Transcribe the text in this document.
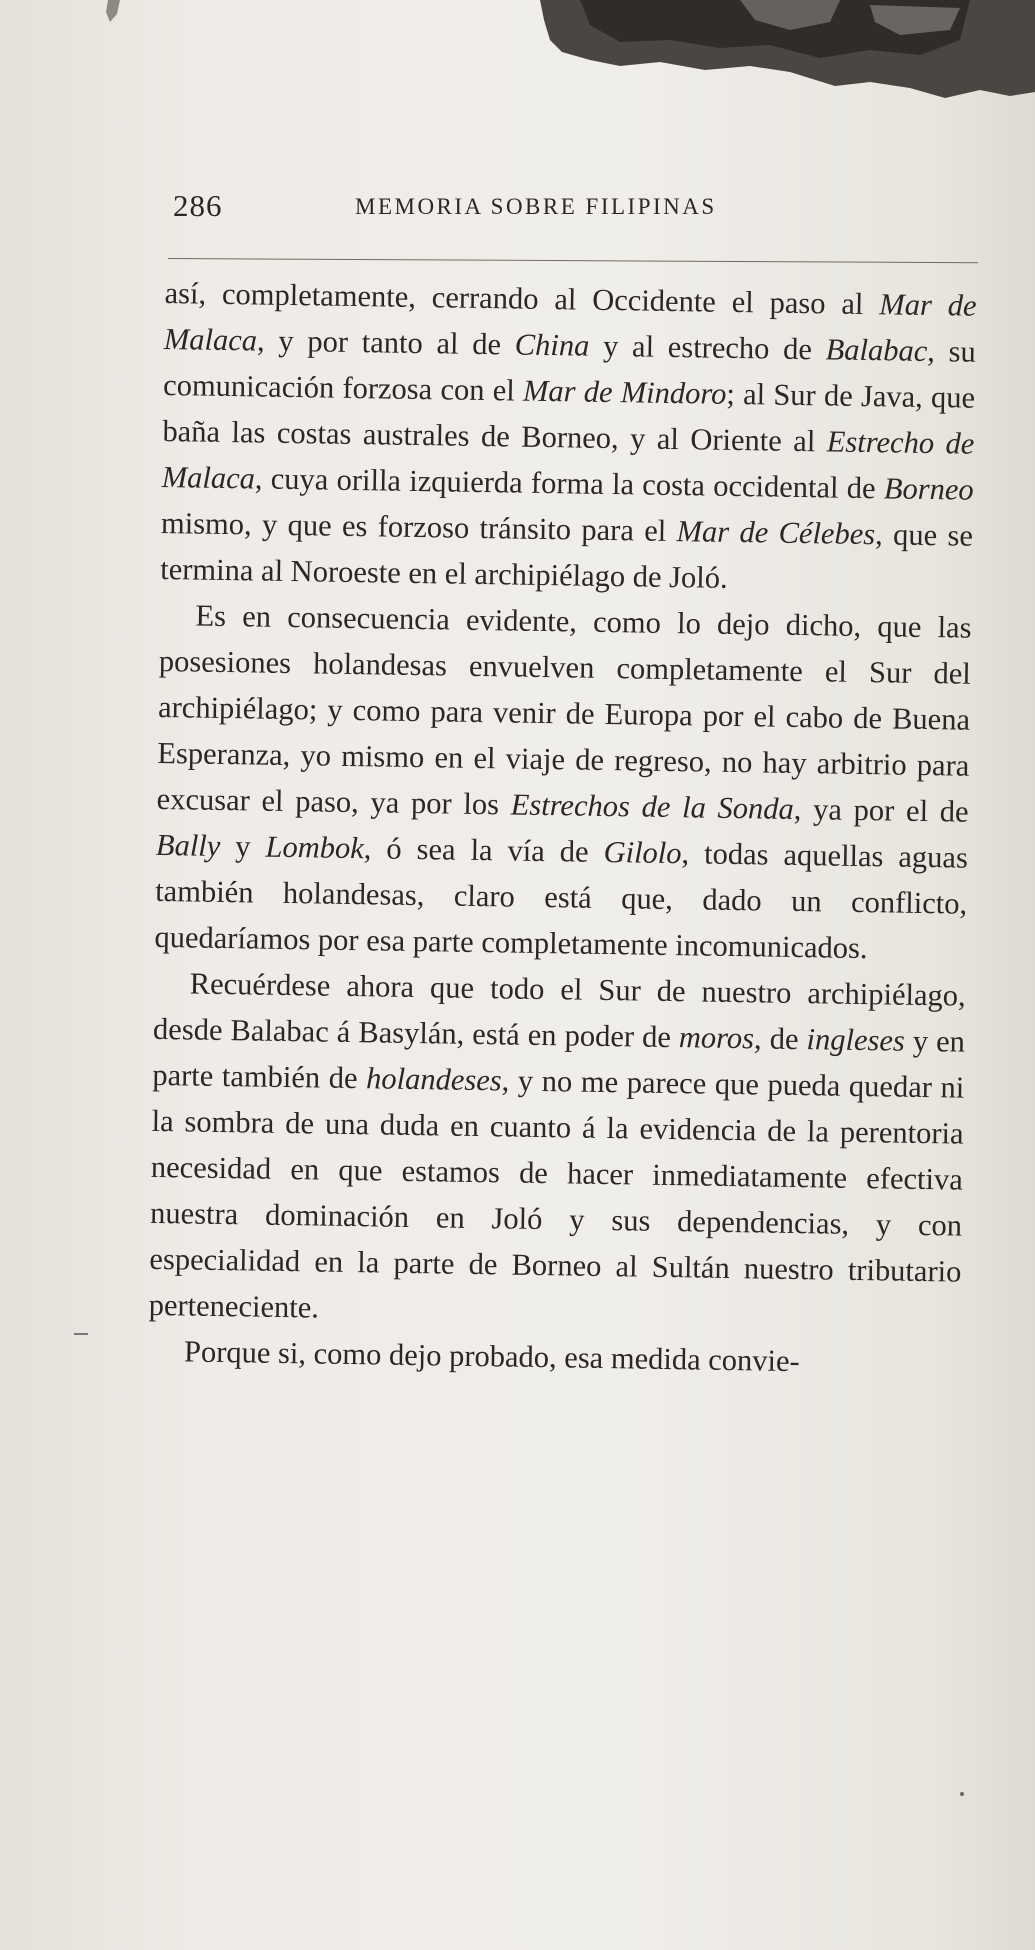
286	MEMORIA SOBRE FILIPINAS

así, completamente, cerrando al Occidente el paso al Mar de Malaca, y por tanto al de China y al estrecho de Balabac, su comunicación forzosa con el Mar de Mindoro; al Sur de Java, que baña las costas australes de Borneo, y al Oriente al Estrecho de Malaca, cuya orilla izquierda forma la costa occidental de Borneo mismo, y que es forzoso tránsito para el Mar de Célebes, que se termina al Noroeste en el archipiélago de Joló.

Es en consecuencia evidente, como lo dejo dicho, que las posesiones holandesas envuelven completamente el Sur del archipiélago; y como para venir de Europa por el cabo de Buena Esperanza, yo mismo en el viaje de regreso, no hay arbitrio para excusar el paso, ya por los Estrechos de la Sonda, ya por el de Bally y Lombok, ó sea la vía de Gilolo, todas aquellas aguas también holandesas, claro está que, dado un conflicto, quedaríamos por esa parte completamente incomunicados.

Recuérdese ahora que todo el Sur de nuestro archipiélago, desde Balabac á Basylán, está en poder de moros, de ingleses y en parte también de holandeses, y no me parece que pueda quedar ni la sombra de una duda en cuanto á la evidencia de la perentoria necesidad en que estamos de hacer inmediatamente efectiva nuestra dominación en Joló y sus dependencias, y con especialidad en la parte de Borneo al Sultán nuestro tributario perteneciente.

Porque si, como dejo probado, esa medida convie-
